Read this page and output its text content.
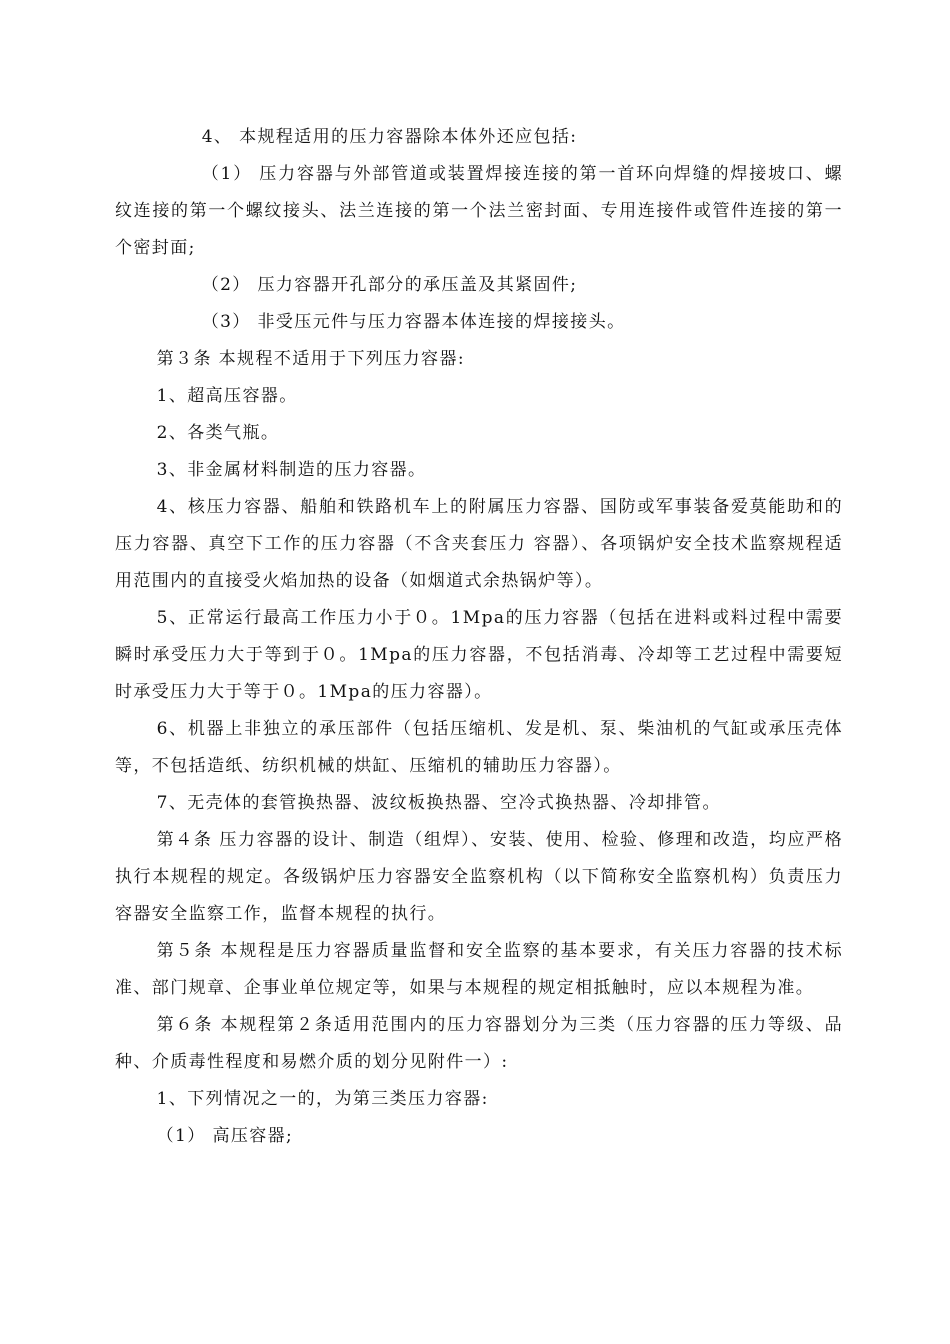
4、 本规程适用的压力容器除本体外还应包括:

（1） 压力容器与外部管道或装置焊接连接的第一首环向焊缝的焊接坡口、螺纹连接的第一个螺纹接头、法兰连接的第一个法兰密封面、专用连接件或管件连接的第一个密封面;

（2） 压力容器开孔部分的承压盖及其紧固件;

（3） 非受压元件与压力容器本体连接的焊接接头。

第３条 本规程不适用于下列压力容器:

1、超高压容器。

2、各类气瓶。

3、非金属材料制造的压力容器。

4、核压力容器、船舶和铁路机车上的附属压力容器、国防或军事装备爱莫能助和的压力容器、真空下工作的压力容器（不含夹套压力 容器）、各项锅炉安全技术监察规程适用范围内的直接受火焰加热的设备（如烟道式余热锅炉等）。

5、正常运行最高工作压力小于０。1Mpa的压力容器（包括在进料或料过程中需要瞬时承受压力大于等到于０。1Mpa的压力容器，不包括消毒、冷却等工艺过程中需要短时承受压力大于等于０。1Mpa的压力容器）。

6、机器上非独立的承压部件（包括压缩机、发是机、泵、柴油机的气缸或承压壳体等，不包括造纸、纺织机械的烘缸、压缩机的辅助压力容器）。

7、无壳体的套管换热器、波纹板换热器、空冷式换热器、冷却排管。

第４条 压力容器的设计、制造（组焊）、安装、使用、检验、修理和改造，均应严格执行本规程的规定。各级锅炉压力容器安全监察机构（以下简称安全监察机构）负责压力容器安全监察工作，监督本规程的执行。

第５条 本规程是压力容器质量监督和安全监察的基本要求，有关压力容器的技术标准、部门规章、企事业单位规定等，如果与本规程的规定相抵触时，应以本规程为准。

第６条 本规程第２条适用范围内的压力容器划分为三类（压力容器的压力等级、品种、介质毒性程度和易燃介质的划分见附件一）:

1、下列情况之一的，为第三类压力容器:

（1） 高压容器;
